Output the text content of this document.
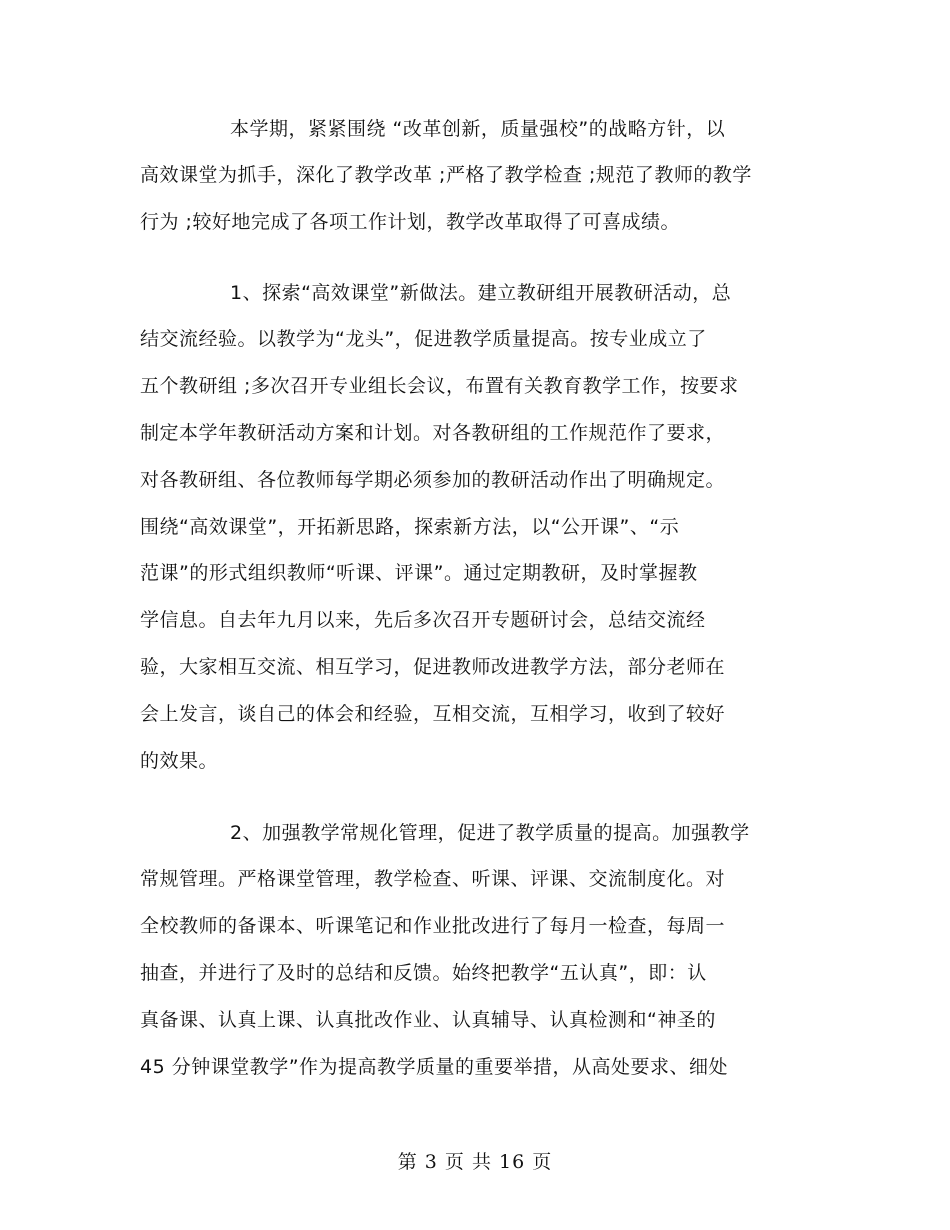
本学期，紧紧围绕 “改革创新，质量强校”的战略方针，以
高效课堂为抓手，深化了教学改革 ;严格了教学检查 ;规范了教师的教学
行为 ;较好地完成了各项工作计划，教学改革取得了可喜成绩。
1、探索“高效课堂”新做法。建立教研组开展教研活动，总
结交流经验。以教学为“龙头”，促进教学质量提高。按专业成立了
五个教研组 ;多次召开专业组长会议，布置有关教育教学工作，按要求
制定本学年教研活动方案和计划。对各教研组的工作规范作了要求，
对各教研组、各位教师每学期必须参加的教研活动作出了明确规定。
围绕“高效课堂”，开拓新思路，探索新方法，以“公开课”、“示
范课”的形式组织教师“听课、评课”。通过定期教研，及时掌握教
学信息。自去年九月以来，先后多次召开专题研讨会，总结交流经
验，大家相互交流、相互学习，促进教师改进教学方法，部分老师在
会上发言，谈自己的体会和经验，互相交流，互相学习，收到了较好
的效果。
2、加强教学常规化管理，促进了教学质量的提高。加强教学
常规管理。严格课堂管理，教学检查、听课、评课、交流制度化。对
全校教师的备课本、听课笔记和作业批改进行了每月一检查，每周一
抽查，并进行了及时的总结和反馈。始终把教学“五认真”，即：认
真备课、认真上课、认真批改作业、认真辅导、认真检测和“神圣的
45 分钟课堂教学”作为提高教学质量的重要举措，从高处要求、细处
第 3 页 共 16 页
